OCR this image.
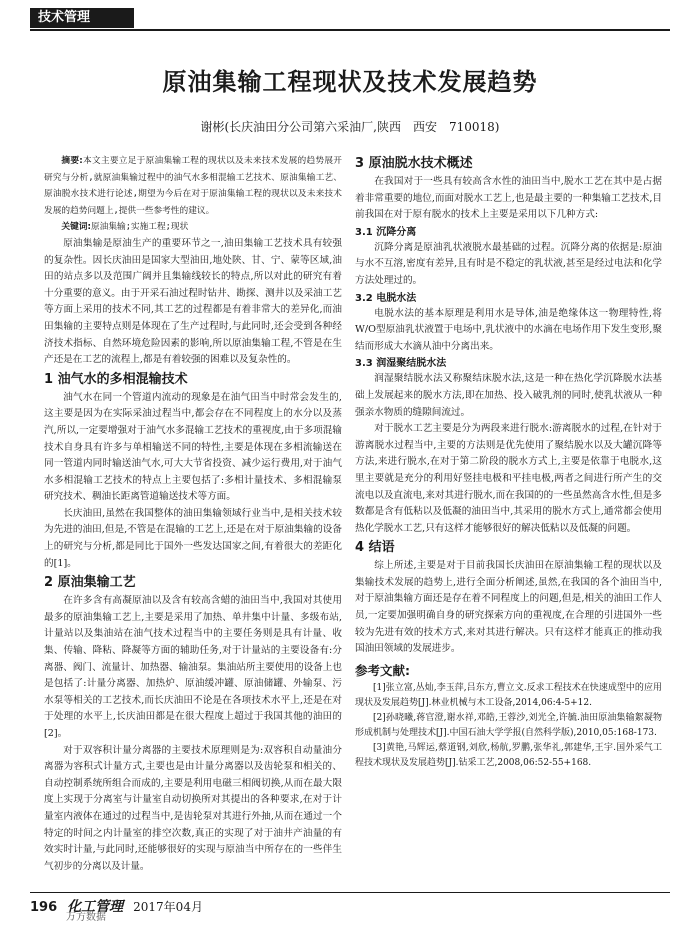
技术管理
原油集输工程现状及技术发展趋势
谢彬(长庆油田分公司第六采油厂,陕西　西安　710018)

摘要:本文主要立足于原油集输工程的现状以及未来技术发展的趋势展开研究与分析,就原油集输过程中的油气水多相混输工艺技术、原油集输工艺、原油脱水技术进行论述,期望为今后在对于原油集输工程的现状以及未来技术发展的趋势问题上,提供一些参考性的建议。

关键词:原油集输;实施工程;现状

原油集输是原油生产的重要环节之一,油田集输工艺技术具有较强的复杂性。因长庆油田是国家大型油田,地处陕、甘、宁、蒙等区域,油田的站点多以及范围广阔并且集输线较长的特点,所以对此的研究有着十分重要的意义。由于开采石油过程时钻井、勘探、测井以及采油工艺等方面上采用的技术不同,其工艺的过程都是有着非常大的差异化,而油田集输的主要特点则是体现在了生产过程时,与此同时,还会受到各种经济技术指标、自然环境危险因素的影响,所以原油集输工程,不管是在生产还是在工艺的流程上,都是有着较强的困难以及复杂性的。

1 油气水的多相混输技术

油气水在同一个管道内流动的现象是在油气田当中时常会发生的,这主要是因为在实际采油过程当中,都会存在不同程度上的水分以及蒸汽,所以,一定要增强对于油气水多混输工艺技术的重视度,由于多项混输技术自身具有许多与单相输送不同的特性,主要是体现在多相流输送在同一管道内同时输送油气水,可大大节省投资、减少运行费用,对于油气水多相混输工艺技术的特点上主要包括了:多相计量技术、多相混输泵研究技术、稠油长距离管道输送技术等方面。

长庆油田,虽然在我国整体的油田集输领域行业当中,是相关技术较为先进的油田,但是,不管是在混输的工艺上,还是在对于原油集输的设备上的研究与分析,都是同比于国外一些发达国家之间,有着很大的差距化的[1]。

2 原油集输工艺

在许多含有高凝原油以及含有较高含蜡的油田当中,我国对其使用最多的原油集输工艺上,主要是采用了加热、单井集中计量、多级布站,计量站以及集油站在油气技术过程当中的主要任务则是具有计量、收集、传输、降粘、降凝等方面的辅助任务,对于计量站的主要设备有:分离器、阀门、流量计、加热器、输油泵。集油站所主要使用的设备上也是包括了:计量分离器、加热炉、原油缓冲罐、原油储罐、外输泵、污水泵等相关的工艺技术,而长庆油田不论是在各项技术水平上,还是在对于处理的水平上,长庆油田都是在很大程度上超过于我国其他的油田的[2]。

对于双容积计量分离器的主要技术原理则是为:双容积自动量油分离器为容积式计量方式,主要也是由计量分离器以及齿轮泵和相关的、自动控制系统所组合而成的,主要是利用电磁三相阀切换,从而在最大限度上实现于分离室与计量室自动切换所对其提出的各种要求,在对于计量室内液体在通过的过程当中,是齿轮泵对其进行外抽,从而在通过一个特定的时间之内计量室的排空次数,真正的实现了对于油井产油量的有效实时计量,与此同时,还能够很好的实现与原油当中所存在的一些伴生气初步的分离以及计量。

3 原油脱水技术概述

在我国对于一些具有较高含水性的油田当中,脱水工艺在其中是占据着非常重要的地位,而面对脱水工艺上,也是最主要的一种集输工艺技术,目前我国在对于原有脱水的技术上主要是采用以下几种方式:

3.1 沉降分离

沉降分离是原油乳状液脱水最基础的过程。沉降分离的依据是:原油与水不互溶,密度有差异,且有时是不稳定的乳状液,甚至是经过电法和化学方法处理过的。

3.2 电脱水法

电脱水法的基本原理是利用水是导体,油是绝缘体这一物理特性,将W/O型原油乳状液置于电场中,乳状液中的水滴在电场作用下发生变形,聚结而形成大水滴从油中分离出来。

3.3 润湿聚结脱水法

润湿聚结脱水法又称聚结床脱水法,这是一种在热化学沉降脱水法基础上发展起来的脱水方法,即在加热、投入破乳剂的同时,使乳状液从一种强亲水物质的缝隙间流过。

对于脱水工艺主要是分为两段来进行脱水:游离脱水的过程,在针对于游离脱水过程当中,主要的方法则是优先使用了聚结脱水以及大罐沉降等方法,来进行脱水,在对于第二阶段的脱水方式上,主要是依靠于电脱水,这里主要就是充分的利用好竖挂电极和平挂电极,两者之间进行所产生的交流电以及直流电,来对其进行脱水,而在我国的的一些虽然高含水性,但是多数都是含有低粘以及低凝的油田当中,其采用的脱水方式上,通常都会使用热化学脱水工艺,只有这样才能够很好的解决低粘以及低凝的问题。

4 结语

综上所述,主要是对于目前我国长庆油田在原油集输工程的现状以及集输技术发展的趋势上,进行全面分析阐述,虽然,在我国的各个油田当中,对于原油集输方面还是存在着不同程度上的问题,但是,相关的油田工作人员,一定要加强明确自身的研究探索方向的重视度,在合理的引进国外一些较为先进有效的技术方式,来对其进行解决。只有这样才能真正的推动我国油田领域的发展进步。

参考文献:

[1]张立富,丛灿,李玉萍,吕东方,曹立文.反求工程技术在快速成型中的应用现状及发展趋势[J].林业机械与木工设备,2014,06:4-5+12.

[2]孙晓曦,蒋官澄,谢水祥,邓皓,王蓉沙,刘光全,许毓.油田原油集输絮凝物形成机制与处理技术[J].中国石油大学学报(自然科学版),2010,05:168-173.

[3]黄艳,马辉运,蔡道钢,刘欣,杨航,罗鹏,张华礼,郭建华,王宇.国外采气工程技术现状及发展趋势[J].钻采工艺,2008,06:52-55+168.

196 化工管理 2017年04月
万方数据
